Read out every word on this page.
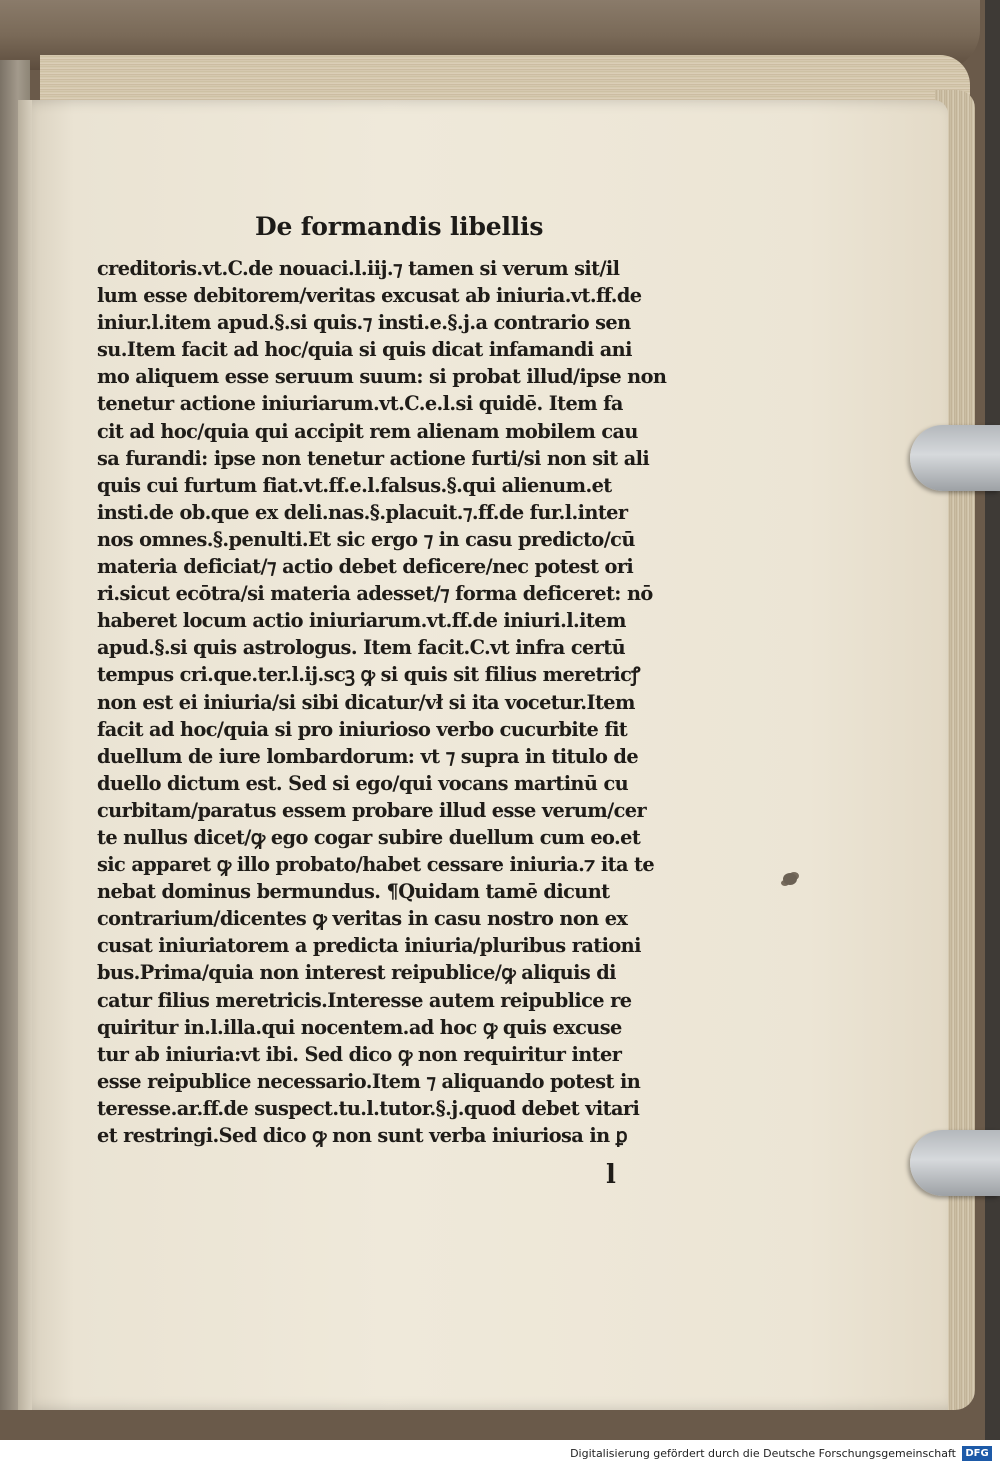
De formandis libellis
creditoris.vt.C.de nouaci.l.iij.⁊ tamen si verum sit/il
lum esse debitorem/veritas excusat ab iniuria.vt.ff.de
iniur.l.item apud.§.si quis.⁊ insti.e.§.j.a contrario sen
su.Item facit ad hoc/quia si quis dicat infamandi ani
mo aliquem esse seruum suum: si probat illud/ipse non
tenetur actione iniuriarum.vt.C.e.l.si quidē. Item fa
cit ad hoc/quia qui accipit rem alienam mobilem cau
sa furandi: ipse non tenetur actione furti/si non sit ali
quis cui furtum fiat.vt.ff.e.l.falsus.§.qui alienum.et
insti.de ob.que ex deli.nas.§.placuit.⁊.ff.de fur.l.inter
nos omnes.§.penulti.Et sic ergo ⁊ in casu predicto/cū
materia deficiat/⁊ actio debet deficere/nec potest ori
ri.sicut ecōtra/si materia adesset/⁊ forma deficeret: nō
haberet locum actio iniuriarum.vt.ff.de iniuri.l.item
apud.§.si quis astrologus. Item facit.C.vt infra certū
tempus cri.que.ter.l.ij.scꝫ ꝙ si quis sit filius meretricꝭ
non est ei iniuria/si sibi dicatur/vł si ita vocetur.Item
facit ad hoc/quia si pro iniurioso verbo cucurbite fit
duellum de iure lombardorum: vt ⁊ supra in titulo de
duello dictum est. Sed si ego/qui vocans martinū cu
curbitam/paratus essem probare illud esse verum/cer
te nullus dicet/ꝙ ego cogar subire duellum cum eo.et
sic apparet ꝙ illo probato/habet cessare iniuria.⁊ ita te
nebat dominus bermundus. ¶Quidam tamē dicunt
contrarium/dicentes ꝙ veritas in casu nostro non ex
cusat iniuriatorem a predicta iniuria/pluribus rationi
bus.Prima/quia non interest reipublice/ꝙ aliquis di
catur filius meretricis.Interesse autem reipublice re
quiritur in.l.illa.qui nocentem.ad hoc ꝙ quis excuse
tur ab iniuria:vt ibi. Sed dico ꝙ non requiritur inter
esse reipublice necessario.Item ⁊ aliquando potest in
teresse.ar.ff.de suspect.tu.l.tutor.§.j.quod debet vitari
et restringi.Sed dico ꝙ non sunt verba iniuriosa in ꝑ
l
Digitalisierung gefördert durch die Deutsche Forschungsgemeinschaft DFG
